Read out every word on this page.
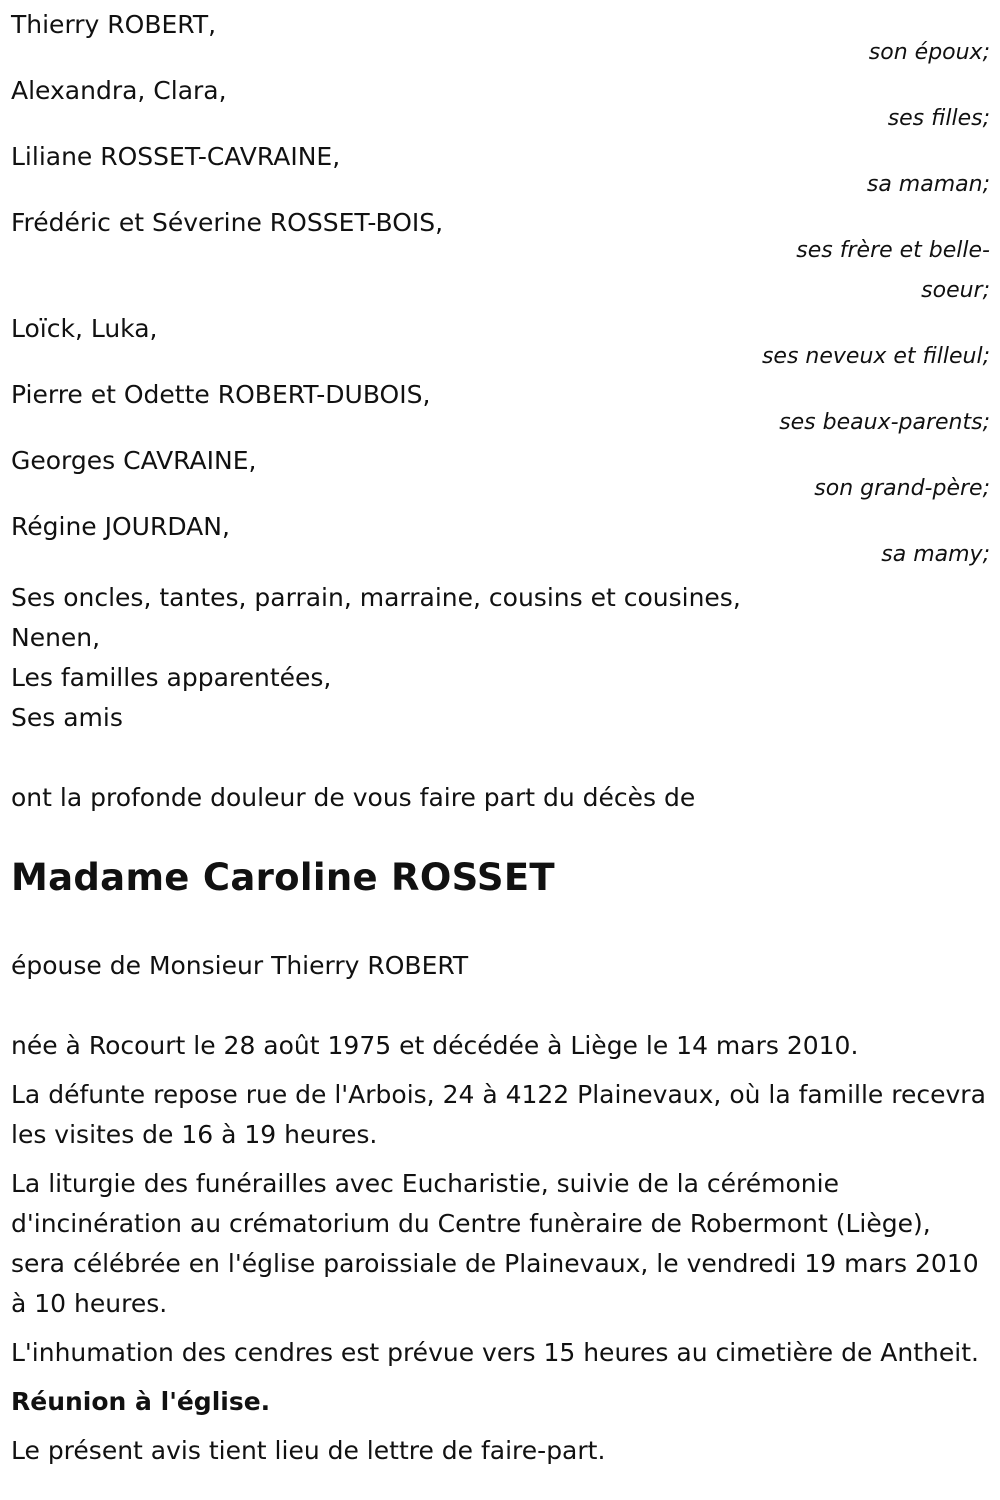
Thierry ROBERT,
son époux;
Alexandra, Clara,
ses filles;
Liliane ROSSET-CAVRAINE,
sa maman;
Frédéric et Séverine ROSSET-BOIS,
ses frère et belle-soeur;
Loïck, Luka,
ses neveux et filleul;
Pierre et Odette ROBERT-DUBOIS,
ses beaux-parents;
Georges CAVRAINE,
son grand-père;
Régine JOURDAN,
sa mamy;
Ses oncles, tantes, parrain, marraine, cousins et cousines,
Nenen,
Les familles apparentées,
Ses amis
ont la profonde douleur de vous faire part du décès de
Madame Caroline ROSSET
épouse de Monsieur Thierry ROBERT
née à Rocourt le 28 août 1975 et décédée à Liège le 14 mars 2010.
La défunte repose rue de l'Arbois, 24 à 4122 Plainevaux, où la famille recevra les visites de 16 à 19 heures.
La liturgie des funérailles avec Eucharistie, suivie de la cérémonie d'incinération au crématorium du Centre funèraire de Robermont (Liège), sera célébrée en l'église paroissiale de Plainevaux, le vendredi 19 mars 2010 à 10 heures.
L'inhumation des cendres est prévue vers 15 heures au cimetière de Antheit.
Réunion à l'église.
Le présent avis tient lieu de lettre de faire-part.
